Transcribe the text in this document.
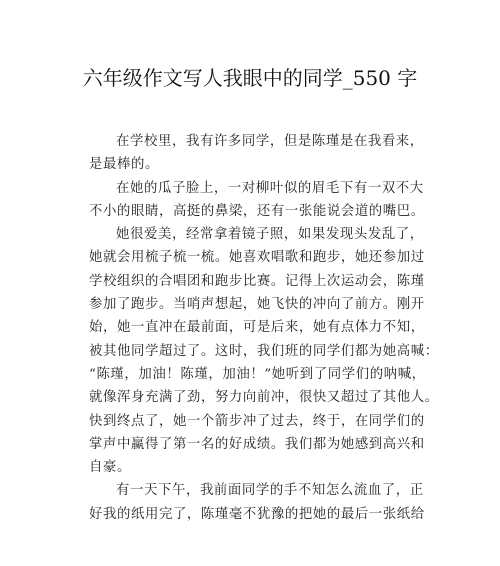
六年级作文写人我眼中的同学_550 字
在学校里，我有许多同学，但是陈瑾是在我看来，
是最棒的。
在她的瓜子脸上，一对柳叶似的眉毛下有一双不大
不小的眼睛，高挺的鼻梁，还有一张能说会道的嘴巴。
她很爱美，经常拿着镜子照，如果发现头发乱了，
她就会用梳子梳一梳。她喜欢唱歌和跑步，她还参加过
学校组织的合唱团和跑步比赛。记得上次运动会，陈瑾
参加了跑步。当哨声想起，她飞快的冲向了前方。刚开
始，她一直冲在最前面，可是后来，她有点体力不知，
被其他同学超过了。这时，我们班的同学们都为她高喊：
“陈瑾，加油！陈瑾，加油！”她听到了同学们的呐喊，
就像浑身充满了劲，努力向前冲，很快又超过了其他人。
快到终点了，她一个箭步冲了过去，终于，在同学们的
掌声中赢得了第一名的好成绩。我们都为她感到高兴和
自豪。
有一天下午，我前面同学的手不知怎么流血了，正
好我的纸用完了，陈瑾毫不犹豫的把她的最后一张纸给
